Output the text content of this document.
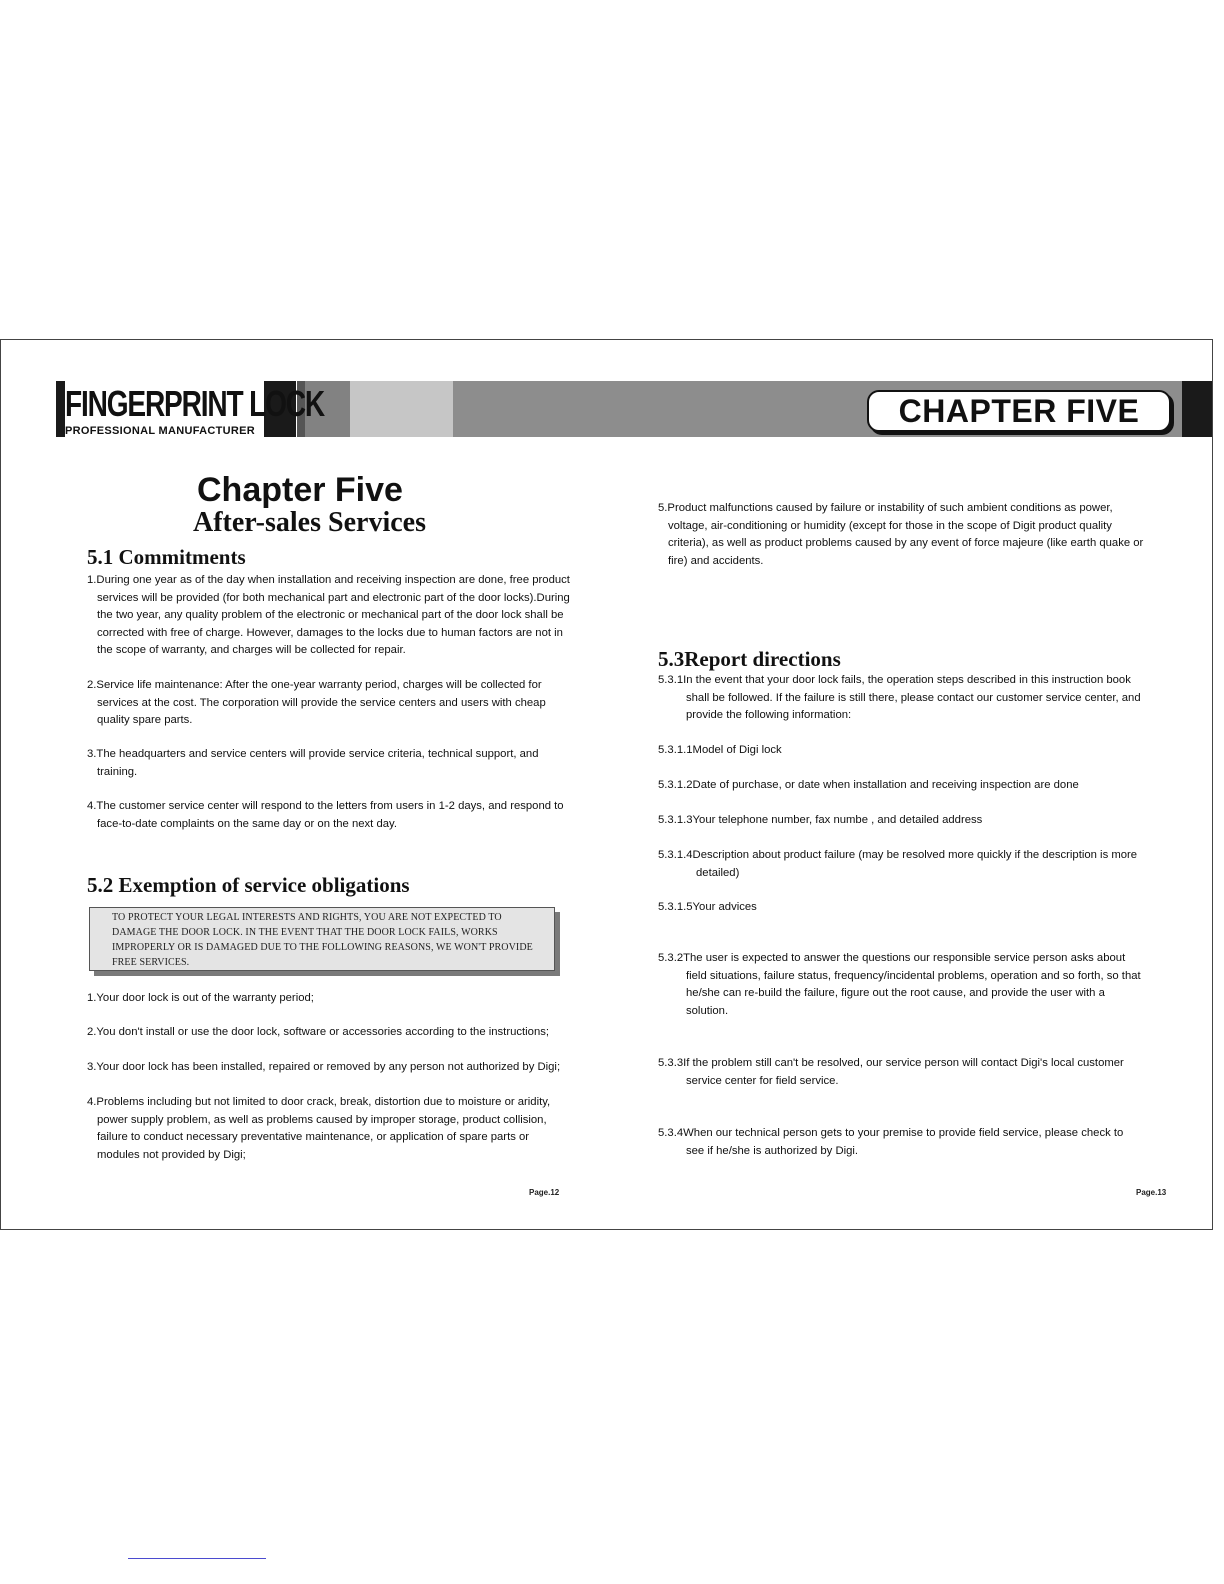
FINGERPRINT LOCK
PROFESSIONAL MANUFACTURER
CHAPTER FIVE
Chapter Five
After-sales Services
5.1 Commitments
1.During one year as of the day when installation and receiving inspection are done, free product services will be provided (for both mechanical part and electronic part of the door locks).During the two year, any quality problem of the electronic or mechanical part of the door lock shall be corrected with free of charge. However, damages to the locks due to human factors are not in the scope of warranty, and charges will be collected for repair.
2.Service life maintenance: After the one-year warranty period, charges will be collected for services at the cost. The corporation will provide the service centers and users with cheap quality spare parts.
3.The headquarters and service centers will provide service criteria, technical support, and training.
4.The customer service center will respond to the letters from users in 1-2 days, and respond to face-to-date complaints on the same day or on the next day.
5.2 Exemption of service obligations
TO PROTECT YOUR LEGAL INTERESTS AND RIGHTS, YOU ARE NOT EXPECTED TO DAMAGE THE DOOR LOCK. IN THE EVENT THAT THE DOOR LOCK FAILS, WORKS IMPROPERLY OR IS DAMAGED DUE TO THE FOLLOWING REASONS, WE WON'T PROVIDE FREE SERVICES.
1.Your door lock is out of the warranty period;
2.You don't install or use the door lock, software or accessories according to the instructions;
3.Your door lock has been installed, repaired or removed by any person not authorized by Digi;
4.Problems including but not limited to door crack, break, distortion due to moisture or aridity, power supply problem, as well as problems caused by improper storage, product collision, failure to conduct necessary preventative maintenance, or application of spare parts or modules not provided by Digi;
Page.12
5.Product malfunctions caused by failure or instability of such ambient conditions as power, voltage, air-conditioning or humidity (except for those in the scope of Digit product quality criteria), as well as product problems caused by any event of force majeure (like earth quake or fire) and accidents.
5.3Report directions
5.3.1In the event that your door lock fails, the operation steps described in this instruction book shall be followed. If the failure is still there, please contact our customer service center, and provide the following information:
5.3.1.1Model of Digi lock
5.3.1.2Date of purchase, or date when installation and receiving inspection are done
5.3.1.3Your telephone number, fax numbe , and detailed address
5.3.1.4Description about product failure (may be resolved more quickly if the description is more detailed)
5.3.1.5Your advices
5.3.2The user is expected to answer the questions our responsible service person asks about field situations, failure status, frequency/incidental problems, operation and so forth, so that he/she can re-build the failure, figure out the root cause, and provide the user with a solution.
5.3.3If the problem still can't be resolved, our service person will contact Digi's local customer service center for field service.
5.3.4When our technical person gets to your premise to provide field service, please check to see if he/she is authorized by Digi.
Page.13
